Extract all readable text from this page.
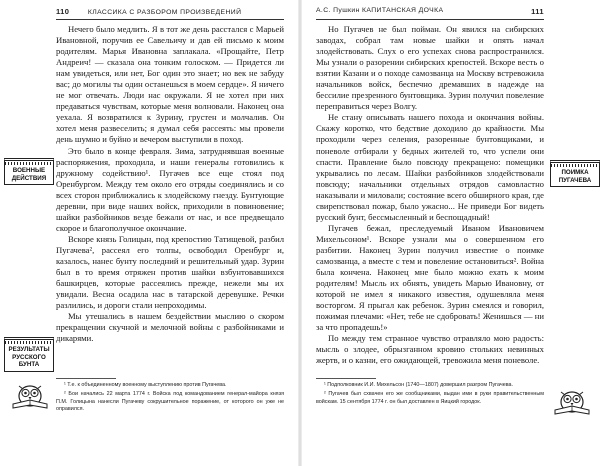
110	КЛАССИКА С РАЗБОРОМ ПРОИЗВЕДЕНИЙ

Нечего было медлить. Я в тот же день расстался с Марьей Ивановной, поручив ее Савельичу и дав ей письмо к моим родителям. Марья Ивановна заплакала. «Прощайте, Петр Андреич! — сказала она тонким голоском. — Придется ли нам увидеться, или нет, Бог один это знает; но век не забуду вас; до могилы ты один останешься в моем сердце». Я ничего не мог отвечать. Люди нас окружали. Я не хотел при них предаваться чувствам, которые меня волновали. Наконец она уехала. Я возвратился к Зурину, грустен и молчалив. Он хотел меня развеселить; я думал себя рассеять: мы провели день шумно и буйно и вечером выступили в поход.

Это было в конце февраля. Зима, затруднявшая военные распоряжения, проходила, и наши генералы готовились к дружному содействию¹. Пугачев все еще стоял под Оренбургом. Между тем около его отряды соединялись и со всех сторон приближались к злодейскому гнезду. Бунтующие деревни, при виде наших войск, приходили в повиновение; шайки разбойников везде бежали от нас, и все предвещало скорое и благополучное окончание.

Вскоре князь Голицын, под крепостию Татищевой, разбил Пугачева², рассеял его толпы, освободил Оренбург и, казалось, нанес бунту последний и решительный удар. Зурин был в то время отряжен против шайки взбунтовавшихся башкирцев, которые рассеялись прежде, нежели мы их увидали. Весна осадила нас в татарской деревушке. Речки разлились, и дороги стали непроходимы.

Мы утешались в нашем бездействии мыслию о скором прекращении скучной и мелочной войны с разбойниками и дикарями.

¹ Т.е. к объединенному военному выступлению против Пугачева.

² Бои начались 22 марта 1774 г. Войска под командованием генерал-майора князя П.М. Голицына нанесли Пугачеву сокрушительное поражение, от которого он уже не оправился.

ВОЕННЫЕ
ДЕЙСТВИЯ
РЕЗУЛЬТАТЫ
РУССКОГО
БУНТА
А.С. Пушкин КАПИТАНСКАЯ ДОЧКА	111

Но Пугачев не был пойман. Он явился на сибирских заводах, собрал там новые шайки и опять начал злодействовать. Слух о его успехах снова распространился. Мы узнали о разорении сибирских крепостей. Вскоре весть о взятии Казани и о походе самозванца на Москву встревожила начальников войск, беспечно дремавших в надежде на бессилие презренного бунтовщика. Зурин получил повеление переправиться через Волгу.

Не стану описывать нашего похода и окончания войны. Скажу коротко, что бедствие доходило до крайности. Мы проходили через селения, разоренные бунтовщиками, и поневоле отбирали у бедных жителей то, что успели они спасти. Правление было повсюду прекращено: помещики укрывались по лесам. Шайки разбойников злодействовали повсюду; начальники отдельных отрядов самовластно наказывали и миловали; состояние всего обширного края, где свирепствовал пожар, было ужасно... Не приведи Бог видеть русский бунт, бессмысленный и беспощадный!

Пугачев бежал, преследуемый Иваном Ивановичем Михельсоном¹. Вскоре узнали мы о совершенном его разбитии. Наконец Зурин получил известие о поимке самозванца, а вместе с тем и повеление остановиться². Война была кончена. Наконец мне было можно ехать к моим родителям! Мысль их обнять, увидеть Марью Ивановну, от которой не имел я никакого известия, одушевляла меня восторгом. Я прыгал как ребенок. Зурин смеялся и говорил, пожимая плечами: «Нет, тебе не сдобровать! Женишься — ни за что пропадешь!»

По между тем странное чувство отравляло мою радость: мысль о злодее, обрызганном кровию стольких невинных жертв, и о казни, его ожидающей, тревожила меня поневоле.

¹ Подполковник И.И. Михельсон (1740—1807) довершил разгром Пугачева.

² Пугачев был схвачен его же сообщниками, выдан ими в руки правительственным войскам. 15 сентября 1774 г. он был доставлен в Яицкий городок.

ПОИМКА
ПУГАЧЕВА
